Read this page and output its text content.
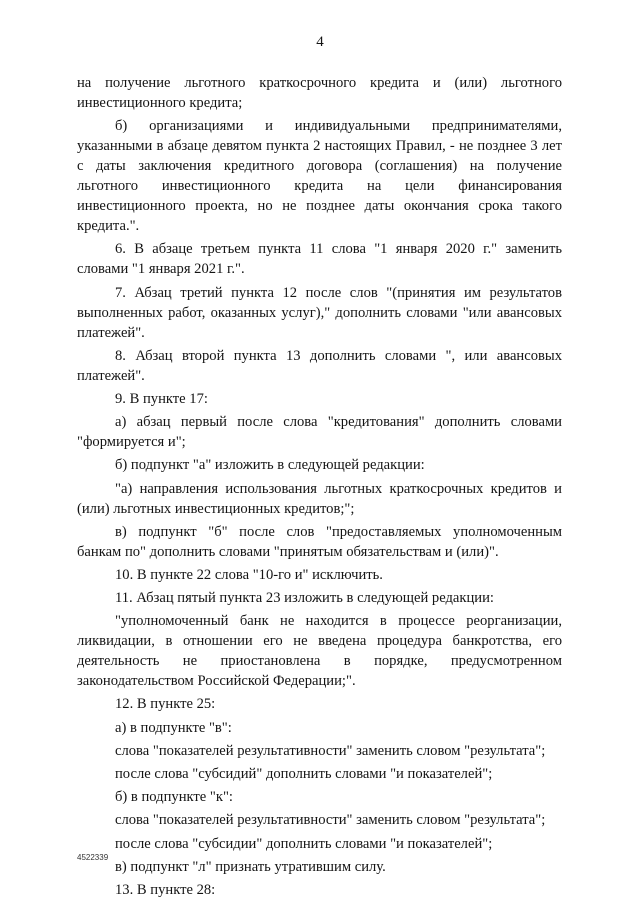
4

на получение льготного краткосрочного кредита и (или) льготного инвестиционного кредита;

б) организациями и индивидуальными предпринимателями, указанными в абзаце девятом пункта 2 настоящих Правил, - не позднее 3 лет с даты заключения кредитного договора (соглашения) на получение льготного инвестиционного кредита на цели финансирования инвестиционного проекта, но не позднее даты окончания срока такого кредита.".

6. В абзаце третьем пункта 11 слова "1 января 2020 г." заменить словами "1 января 2021 г.".

7. Абзац третий пункта 12 после слов "(принятия им результатов выполненных работ, оказанных услуг)," дополнить словами "или авансовых платежей".

8. Абзац второй пункта 13 дополнить словами ", или авансовых платежей".

9. В пункте 17:

а) абзац первый после слова "кредитования" дополнить словами "формируется и";

б) подпункт "а" изложить в следующей редакции:

"а) направления использования льготных краткосрочных кредитов и (или) льготных инвестиционных кредитов;";

в) подпункт "б" после слов "предоставляемых уполномоченным банкам по" дополнить словами "принятым обязательствам и (или)".

10. В пункте 22 слова "10-го и" исключить.

11. Абзац пятый пункта 23 изложить в следующей редакции:

"уполномоченный банк не находится в процессе реорганизации, ликвидации, в отношении его не введена процедура банкротства, его деятельность не приостановлена в порядке, предусмотренном законодательством Российской Федерации;".

12. В пункте 25:

а) в подпункте "в":

слова "показателей результативности" заменить словом "результата";

после слова "субсидий" дополнить словами "и показателей";

б) в подпункте "к":

слова "показателей результативности" заменить словом "результата";

после слова "субсидии" дополнить словами "и показателей";

в) подпункт "л" признать утратившим силу.

13. В пункте 28:

4522339
